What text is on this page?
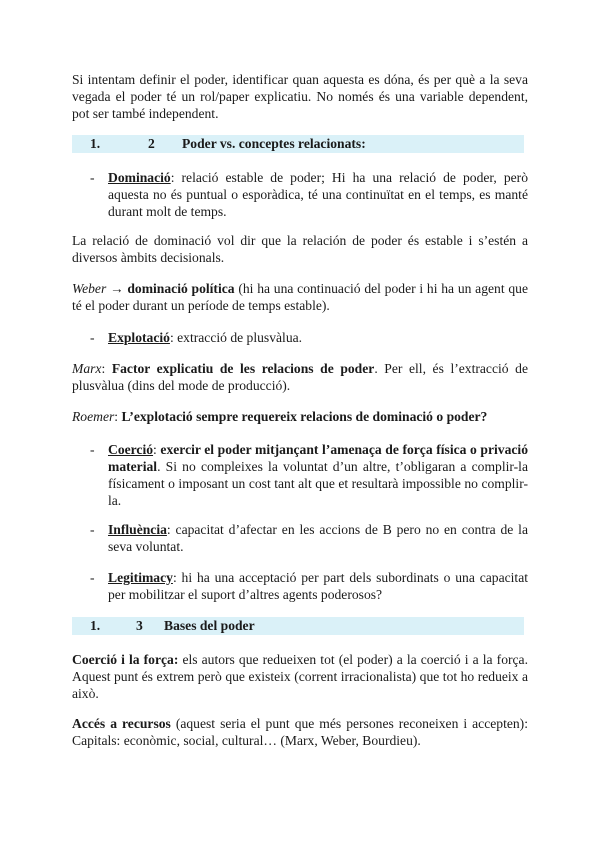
Si intentam definir el poder, identificar quan aquesta es dóna, és per què a la seva vegada el poder té un rol/paper explicatiu. No només és una variable dependent, pot ser també independent.

1.	2 Poder vs. conceptes relacionats:
- Dominació: relació estable de poder; Hi ha una relació de poder, però aquesta no és puntual o esporàdica, té una continuïtat en el temps, es manté durant molt de temps.

La relació de dominació vol dir que la relación de poder és estable i s’estén a diversos àmbits decisionals.

Weber → dominació política (hi ha una continuació del poder i hi ha un agent que té el poder durant un període de temps estable).

- Explotació: extracció de plusvàlua.

Marx: Factor explicatiu de les relacions de poder. Per ell, és l’extracció de plusvàlua (dins del mode de producció).

Roemer: L’explotació sempre requereix relacions de dominació o poder?

- Coerció: exercir el poder mitjançant l’amenaça de força física o privació material. Si no compleixes la voluntat d’un altre, t’obligaran a complir-la físicament o imposant un cost tant alt que et resultarà impossible no complir-la.

- Influència: capacitat d’afectar en les accions de B pero no en contra de la seva voluntat.

- Legitimacy: hi ha una acceptació per part dels subordinats o una capacitat per mobilitzar el suport d’altres agents poderosos?

1.	3 Bases del poder

Coerció i la força: els autors que redueixen tot (el poder) a la coerció i a la força. Aquest punt és extrem però que existeix (corrent irracionalista) que tot ho redueix a això.

Accés a recursos (aquest seria el punt que més persones reconeixen i accepten): Capitals: econòmic, social, cultural… (Marx, Weber, Bourdieu).
